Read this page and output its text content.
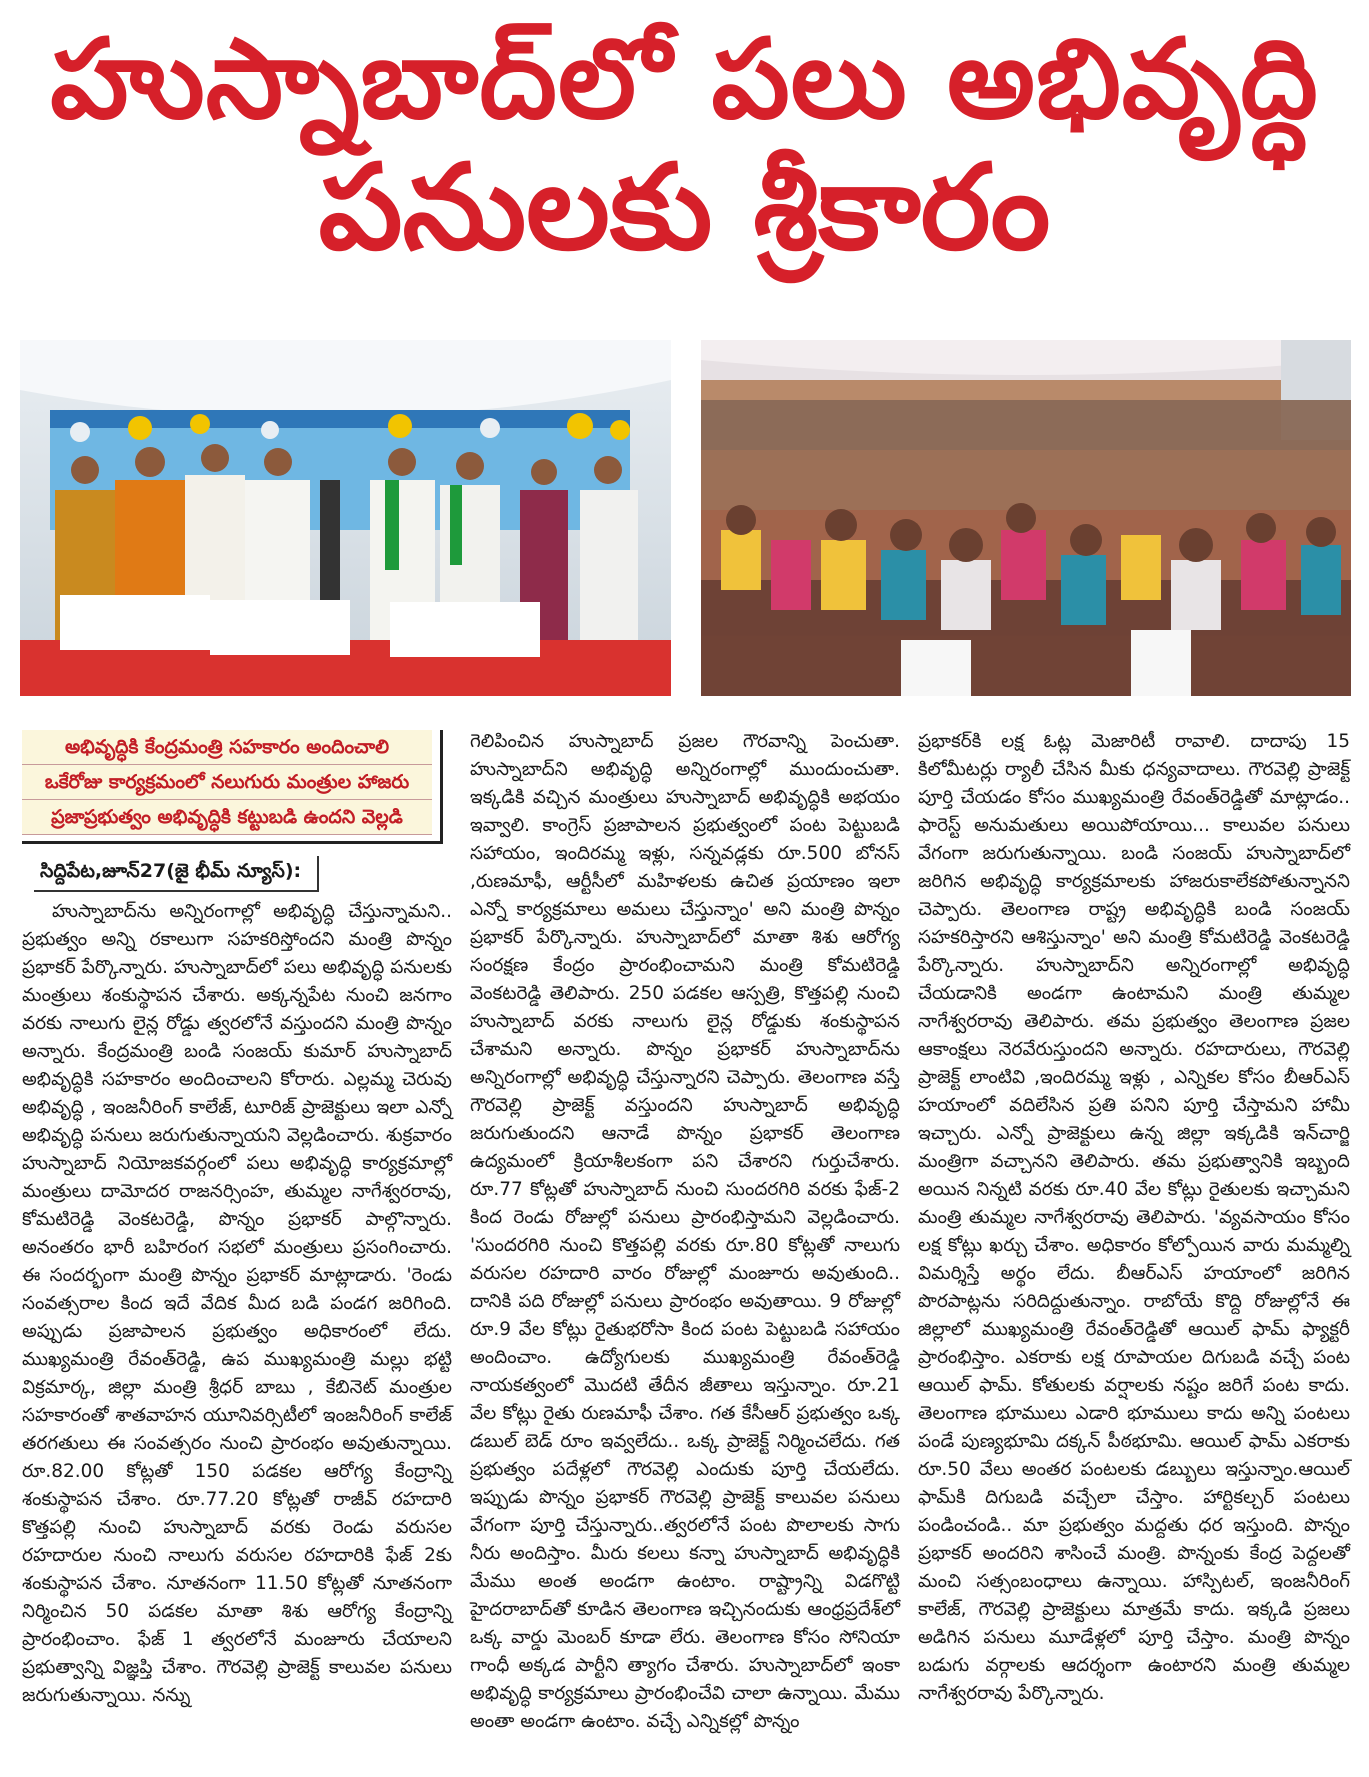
హుస్నాబాద్‌లో పలు అభివృద్ధి
పనులకు శ్రీకారం
అభివృద్ధికి కేంద్రమంత్రి సహకారం అందించాలి
ఒకేరోజు కార్యక్రమంలో నలుగురు మంత్రుల హాజరు
ప్రజాప్రభుత్వం అభివృద్ధికి కట్టుబడి ఉందని వెల్లడి
సిద్దిపేట,జూన్27(జై భీమ్ న్యూస్):

హుస్నాబాద్‌ను అన్నిరంగాల్లో అభివృద్ధి చేస్తున్నామని.. ప్రభుత్వం అన్ని రకాలుగా సహకరిస్తోందని మంత్రి పొన్నం ప్రభాకర్ పేర్కొన్నారు. హుస్నాబాద్‌లో పలు అభివృద్ధి పనులకు మంత్రులు శంకుస్థాపన చేశారు. అక్కన్నపేట నుంచి జనగాం వరకు నాలుగు లైన్ల రోడ్డు త్వరలోనే వస్తుందని మంత్రి పొన్నం అన్నారు. కేంద్రమంత్రి బండి సంజయ్ కుమార్ హుస్నాబాద్ అభివృద్ధికి సహకారం అందించాలని కోరారు. ఎల్లమ్మ చెరువు అభివృద్ధి , ఇంజనీరింగ్ కాలేజ్, టూరిజ్ ప్రాజెక్టులు ఇలా ఎన్నో అభివృద్ధి పనులు జరుగుతున్నాయని వెల్లడించారు. శుక్రవారం హుస్నాబాద్ నియోజకవర్గంలో పలు అభివృద్ధి కార్యక్రమాల్లో మంత్రులు దామోదర రాజనర్సింహ, తుమ్మల నాగేశ్వరరావు, కోమటిరెడ్డి వెంకటరెడ్డి, పొన్నం ప్రభాకర్ పాల్గొన్నారు. అనంతరం భారీ బహిరంగ సభలో మంత్రులు ప్రసంగించారు. ఈ సందర్భంగా మంత్రి పొన్నం ప్రభాకర్ మాట్లాడారు. 'రెండు సంవత్సరాల కింద ఇదే వేదిక మీద బడి పండగ జరిగింది. అప్పుడు ప్రజాపాలన ప్రభుత్వం అధికారంలో లేదు. ముఖ్యమంత్రి రేవంత్‌రెడ్డి, ఉప ముఖ్యమంత్రి మల్లు భట్టి విక్రమార్క, జిల్లా మంత్రి శ్రీధర్ బాబు , కేబినెట్ మంత్రుల సహకారంతో శాతవాహన యూనివర్సిటీలో ఇంజనీరింగ్ కాలేజ్ తరగతులు ఈ సంవత్సరం నుంచి ప్రారంభం అవుతున్నాయి. రూ.82.00 కోట్లతో 150 పడకల ఆరోగ్య కేంద్రాన్ని శంకుస్థాపన చేశాం. రూ.77.20 కోట్లతో రాజీవ్ రహదారి కొత్తపల్లి నుంచి హుస్నాబాద్ వరకు రెండు వరుసల రహదారుల నుంచి నాలుగు వరుసల రహదారికి ఫేజ్ 2కు శంకుస్థాపన చేశాం. నూతనంగా 11.50 కోట్లతో నూతనంగా నిర్మించిన 50 పడకల మాతా శిశు ఆరోగ్య కేంద్రాన్ని ప్రారంభించాం. ఫేజ్ 1 త్వరలోనే మంజూరు చేయాలని ప్రభుత్వాన్ని విజ్ఞప్తి చేశాం. గౌరవెల్లి ప్రాజెక్ట్ కాలువల పనులు జరుగుతున్నాయి. నన్ను

గెలిపించిన హుస్నాబాద్ ప్రజల గౌరవాన్ని పెంచుతా. హుస్నాబాద్‌ని అభివృద్ధి అన్నిరంగాల్లో ముందుంచుతా. ఇక్కడికి వచ్చిన మంత్రులు హుస్నాబాద్ అభివృద్ధికి అభయం ఇవ్వాలి. కాంగ్రెస్ ప్రజాపాలన ప్రభుత్వంలో పంట పెట్టుబడి సహాయం, ఇందిరమ్మ ఇళ్లు, సన్నవడ్లకు రూ.500 బోనస్ ,రుణమాఫీ, ఆర్టీసీలో మహిళలకు ఉచిత ప్రయాణం ఇలా ఎన్నో కార్యక్రమాలు అమలు చేస్తున్నాం' అని మంత్రి పొన్నం ప్రభాకర్ పేర్కొన్నారు. హుస్నాబాద్‌లో మాతా శిశు ఆరోగ్య సంరక్షణ కేంద్రం ప్రారంభించామని మంత్రి కోమటిరెడ్డి వెంకటరెడ్డి తెలిపారు. 250 పడకల ఆస్పత్రి, కొత్తపల్లి నుంచి హుస్నాబాద్ వరకు నాలుగు లైన్ల రోడ్డుకు శంకుస్థాపన చేశామని అన్నారు. పొన్నం ప్రభాకర్ హుస్నాబాద్‌ను అన్నిరంగాల్లో అభివృద్ధి చేస్తున్నారని చెప్పారు. తెలంగాణ వస్తే గౌరవెల్లి ప్రాజెక్ట్ వస్తుందని హుస్నాబాద్ అభివృద్ధి జరుగుతుందని ఆనాడే పొన్నం ప్రభాకర్ తెలంగాణ ఉద్యమంలో క్రియాశీలకంగా పని చేశారని గుర్తుచేశారు. రూ.77 కోట్లతో హుస్నాబాద్ నుంచి సుందరగిరి వరకు ఫేజ్-2 కింద రెండు రోజుల్లో పనులు ప్రారంభిస్తామని వెల్లడించారు. 'సుందరగిరి నుంచి కొత్తపల్లి వరకు రూ.80 కోట్లతో నాలుగు వరుసల రహదారి వారం రోజుల్లో మంజూరు అవుతుంది.. దానికి పది రోజుల్లో పనులు ప్రారంభం అవుతాయి. 9 రోజుల్లో రూ.9 వేల కోట్లు రైతుభరోసా కింద పంట పెట్టుబడి సహాయం అందించాం. ఉద్యోగులకు ముఖ్యమంత్రి రేవంత్‌రెడ్డి నాయకత్వంలో మొదటి తేదీన జీతాలు ఇస్తున్నాం. రూ.21 వేల కోట్లు రైతు రుణమాఫీ చేశాం. గత కేసీఆర్ ప్రభుత్వం ఒక్క డబుల్ బెడ్ రూం ఇవ్వలేదు.. ఒక్క ప్రాజెక్ట్ నిర్మించలేదు. గత ప్రభుత్వం పదేళ్లలో గౌరవెల్లి ఎందుకు పూర్తి చేయలేదు. ఇప్పుడు పొన్నం ప్రభాకర్ గౌరవెల్లి ప్రాజెక్ట్ కాలువల పనులు వేగంగా పూర్తి చేస్తున్నారు..త్వరలోనే పంట పొలాలకు సాగు నీరు అందిస్తాం. మీరు కలలు కన్నా హుస్నాబాద్ అభివృద్ధికి మేము అంత అండగా ఉంటాం. రాష్ట్రాన్ని విడగొట్టి హైదరాబాద్‌తో కూడిన తెలంగాణ ఇచ్చినందుకు ఆంధ్రప్రదేశ్‌లో ఒక్క వార్డు మెంబర్ కూడా లేరు. తెలంగాణ కోసం సోనియా గాంధీ అక్కడ పార్టీని త్యాగం చేశారు. హుస్నాబాద్‌లో ఇంకా అభివృద్ధి కార్యక్రమాలు ప్రారంభించేవి చాలా ఉన్నాయి. మేము అంతా అండగా ఉంటాం. వచ్చే ఎన్నికల్లో పొన్నం

ప్రభాకర్‌కి లక్ష ఓట్ల మెజారిటీ రావాలి. దాదాపు 15 కిలోమీటర్లు ర్యాలీ చేసిన మీకు ధన్యవాదాలు. గౌరవెల్లి ప్రాజెక్ట్ పూర్తి చేయడం కోసం ముఖ్యమంత్రి రేవంత్‌రెడ్డితో మాట్లాడం.. ఫారెస్ట్ అనుమతులు అయిపోయాయి... కాలువల పనులు వేగంగా జరుగుతున్నాయి. బండి సంజయ్ హుస్నాబాద్‌లో జరిగిన అభివృద్ధి కార్యక్రమాలకు హాజరుకాలేకపోతున్నానని చెప్పారు. తెలంగాణ రాష్ట్ర అభివృద్ధికి బండి సంజయ్ సహకరిస్తారని ఆశిస్తున్నాం' అని మంత్రి కోమటిరెడ్డి వెంకటరెడ్డి పేర్కొన్నారు. హుస్నాబాద్‌ని అన్నిరంగాల్లో అభివృద్ధి చేయడానికి అండగా ఉంటామని మంత్రి తుమ్మల నాగేశ్వరరావు తెలిపారు. తమ ప్రభుత్వం తెలంగాణ ప్రజల ఆకాంక్షలు నెరవేరుస్తుందని అన్నారు. రహదారులు, గౌరవెల్లి ప్రాజెక్ట్ లాంటివి ,ఇందిరమ్మ ఇళ్లు , ఎన్నికల కోసం బీఆర్ఎస్ హయాంలో వదిలేసిన ప్రతి పనిని పూర్తి చేస్తామని హామీ ఇచ్చారు. ఎన్నో ప్రాజెక్టులు ఉన్న జిల్లా ఇక్కడికి ఇన్‌చార్జి మంత్రిగా వచ్చానని తెలిపారు. తమ ప్రభుత్వానికి ఇబ్బంది అయిన నిన్నటి వరకు రూ.40 వేల కోట్లు రైతులకు ఇచ్చామని మంత్రి తుమ్మల నాగేశ్వరరావు తెలిపారు. 'వ్యవసాయం కోసం లక్ష కోట్లు ఖర్చు చేశాం. అధికారం కోల్పోయిన వారు మమ్మల్ని విమర్శిస్తే అర్థం లేదు. బీఆర్ఎస్ హయాంలో జరిగిన పొరపాట్లను సరిదిద్దుతున్నాం. రాబోయే కొద్ది రోజుల్లోనే ఈ జిల్లాలో ముఖ్యమంత్రి రేవంత్‌రెడ్డితో ఆయిల్ ఫామ్ ఫ్యాక్టరీ ప్రారంభిస్తాం. ఎకరాకు లక్ష రూపాయల దిగుబడి వచ్చే పంట ఆయిల్ ఫామ్. కోతులకు వర్షాలకు నష్టం జరిగే పంట కాదు. తెలంగాణ భూములు ఎడారి భూములు కాదు అన్ని పంటలు పండే పుణ్యభూమి దక్కన్ పీఠభూమి. ఆయిల్ ఫామ్ ఎకరాకు రూ.50 వేలు అంతర పంటలకు డబ్బులు ఇస్తున్నాం.ఆయిల్ ఫామ్‌కి దిగుబడి వచ్చేలా చేస్తాం. హార్టికల్చర్ పంటలు పండించండి.. మా ప్రభుత్వం మద్దతు ధర ఇస్తుంది. పొన్నం ప్రభాకర్ అందరిని శాసించే మంత్రి. పొన్నంకు కేంద్ర పెద్దలతో మంచి సత్సంబంధాలు ఉన్నాయి. హాస్పిటల్, ఇంజనీరింగ్ కాలేజ్, గౌరవెల్లి ప్రాజెక్టులు మాత్రమే కాదు. ఇక్కడి ప్రజలు అడిగిన పనులు మూడేళ్లలో పూర్తి చేస్తాం. మంత్రి పొన్నం బడుగు వర్గాలకు ఆదర్శంగా ఉంటారని మంత్రి తుమ్మల నాగేశ్వరరావు పేర్కొన్నారు.
